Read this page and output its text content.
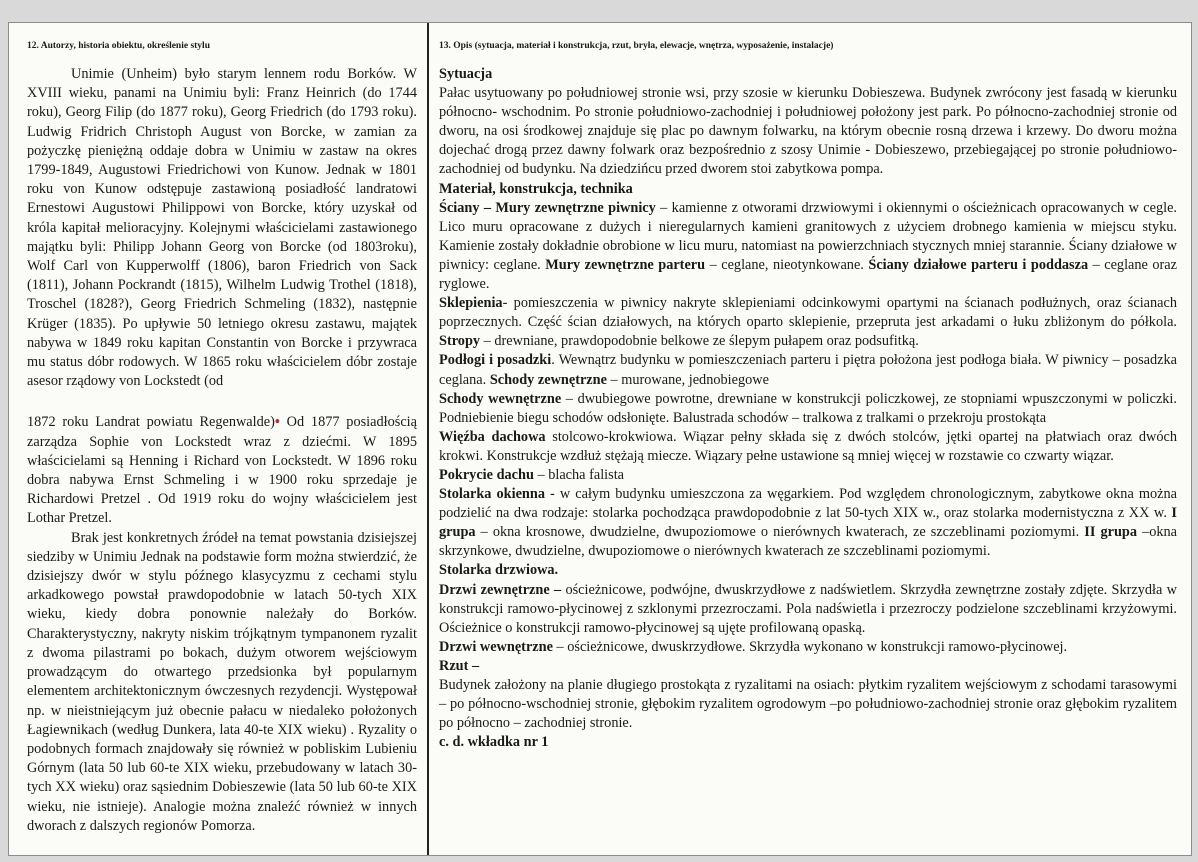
12. Autorzy, historia obiektu, określenie stylu

Unimie (Unheim) było starym lennem rodu Borków. W XVIII wieku, panami na Unimiu byli: Franz Heinrich (do 1744 roku), Georg Filip (do 1877 roku), Georg Friedrich (do 1793 roku). Ludwig Fridrich Christoph August von Borcke, w zamian za pożyczkę pieniężną oddaje dobra w Unimiu w zastaw na okres 1799-1849, Augustowi Friedrichowi von Kunow. Jednak w 1801 roku von Kunow odstępuje zastawioną posiadłość landratowi Ernestowi Augustowi Philippowi von Borcke, który uzyskał od króla kapitał melioracyjny. Kolejnymi właścicielami zastawionego majątku byli: Philipp Johann Georg von Borcke (od 1803roku), Wolf Carl von Kupperwolff (1806), baron Friedrich von Sack (1811), Johann Pockrandt (1815), Wilhelm Ludwig Trothel (1818), Troschel (1828?), Georg Friedrich Schmeling (1832), następnie Krüger (1835). Po upływie 50 letniego okresu zastawu, majątek nabywa w 1849 roku kapitan Constantin von Borcke i przywraca mu status dóbr rodowych. W 1865 roku właścicielem dóbr zostaje asesor rządowy von Lockstedt (od

1872 roku Landrat powiatu Regenwalde)• Od 1877 posiadłością zarządza Sophie von Lockstedt wraz z dziećmi. W 1895 właścicielami są Henning i Richard von Lockstedt. W 1896 roku dobra nabywa Ernst Schmeling i w 1900 roku sprzedaje je Richardowi Pretzel . Od 1919 roku do wojny właścicielem jest Lothar Pretzel.

Brak jest konkretnych źródeł na temat powstania dzisiejszej siedziby w Unimiu Jednak na podstawie form można stwierdzić, że dzisiejszy dwór w stylu późnego klasycyzmu z cechami stylu arkadkowego powstał prawdopodobnie w latach 50-tych XIX wieku, kiedy dobra ponownie należały do Borków. Charakterystyczny, nakryty niskim trójkątnym tympanonem ryzalit z dwoma pilastrami po bokach, dużym otworem wejściowym prowadzącym do otwartego przedsionka był popularnym elementem architektonicznym ówczesnych rezydencji. Występował np. w nieistniejącym już obecnie pałacu w niedaleko położonych Łagiewnikach (według Dunkera, lata 40-te XIX wieku) . Ryzality o podobnych formach znajdowały się również w pobliskim Lubieniu Górnym (lata 50 lub 60-te XIX wieku, przebudowany w latach 30-tych XX wieku) oraz sąsiednim Dobieszewie (lata 50 lub 60-te XIX wieku, nie istnieje). Analogie można znaleźć również w innych dworach z dalszych regionów Pomorza.

13. Opis (sytuacja, materiał i konstrukcja, rzut, bryła, elewacje, wnętrza, wyposażenie, instalacje)

Sytuacja

Pałac usytuowany po południowej stronie wsi, przy szosie w kierunku Dobieszewa. Budynek zwrócony jest fasadą w kierunku północno- wschodnim. Po stronie południowo-zachodniej i południowej położony jest park. Po północno-zachodniej stronie od dworu, na osi środkowej znajduje się plac po dawnym folwarku, na którym obecnie rosną drzewa i krzewy. Do dworu można dojechać drogą przez dawny folwark oraz bezpośrednio z szosy Unimie - Dobieszewo, przebiegającej po stronie południowo-zachodniej od budynku. Na dziedzińcu przed dworem stoi zabytkowa pompa.

Materiał, konstrukcja, technika

Ściany – Mury zewnętrzne piwnicy – kamienne z otworami drzwiowymi i okiennymi o ościeżnicach opracowanych w cegle. Lico muru opracowane z dużych i nieregularnych kamieni granitowych z użyciem drobnego kamienia w miejscu styku. Kamienie zostały dokładnie obrobione w licu muru, natomiast na powierzchniach stycznych mniej starannie. Ściany działowe w piwnicy: ceglane. Mury zewnętrzne parteru – ceglane, nieotynkowane. Ściany działowe parteru i poddasza – ceglane oraz ryglowe.

Sklepienia- pomieszczenia w piwnicy nakryte sklepieniami odcinkowymi opartymi na ścianach podłużnych, oraz ścianach poprzecznych. Część ścian działowych, na których oparto sklepienie, przeprutа jest arkadami o łuku zbliżonym do półkola. Stropy – drewniane, prawdopodobnie belkowe ze ślepym pułapem oraz podsufitką.

Podłogi i posadzki. Wewnątrz budynku w pomieszczeniach parteru i piętra położona jest podłoga biała. W piwnicy – posadzka ceglana. Schody zewnętrzne – murowane, jednobiegowe

Schody wewnętrzne – dwubiegowe powrotne, drewniane w konstrukcji policzkowej, ze stopniami wpuszczonymi w policzki. Podniebienie biegu schodów odsłonięte. Balustrada schodów – tralkowa z tralkami o przekroju prostokąta

Więźba dachowa stolcowo-krokwiowa. Wiązar pełny składa się z dwóch stolców, jętki opartej na płatwiach oraz dwóch krokwi. Konstrukcje wzdłuż stężają miecze. Wiązary pełne ustawione są mniej więcej w rozstawie co czwarty wiązar.

Pokrycie dachu – blacha falista

Stolarka okienna - w całym budynku umieszczona za węgarkiem. Pod względem chronologicznym, zabytkowe okna można podzielić na dwa rodzaje: stolarka pochodząca prawdopodobnie z lat 50-tych XIX w., oraz stolarka modernistyczna z XX w. I grupa – okna krosnowe, dwudzielne, dwupoziomowe o nierównych kwaterach, ze szczeblinami poziomymi. II grupa –okna skrzynkowe, dwudzielne, dwupoziomowe o nierównych kwaterach ze szczeblinami poziomymi.

Stolarka drzwiowa.

Drzwi zewnętrzne – ościeżnicowe, podwójne, dwuskrzydłowe z nadświetlem. Skrzydła zewnętrzne zostały zdjęte. Skrzydła w konstrukcji ramowo-płycinowej z szklonymi przezroczami. Pola nadświetla i przezroczy podzielone szczeblinami krzyżowymi. Ościeżnice o konstrukcji ramowo-płycinowej są ujęte profilowaną opaską.

Drzwi wewnętrzne – ościeżnicowe, dwuskrzydłowe. Skrzydła wykonano w konstrukcji ramowo-płycinowej.

Rzut –

Budynek założony na planie długiego prostokąta z ryzalitami na osiach: płytkim ryzalitem wejściowym z schodami tarasowymi – po północno-wschodniej stronie, głębokim ryzalitem ogrodowym –po południowo-zachodniej stronie oraz głębokim ryzalitem po północno – zachodniej stronie.

c. d. wkładka nr 1
